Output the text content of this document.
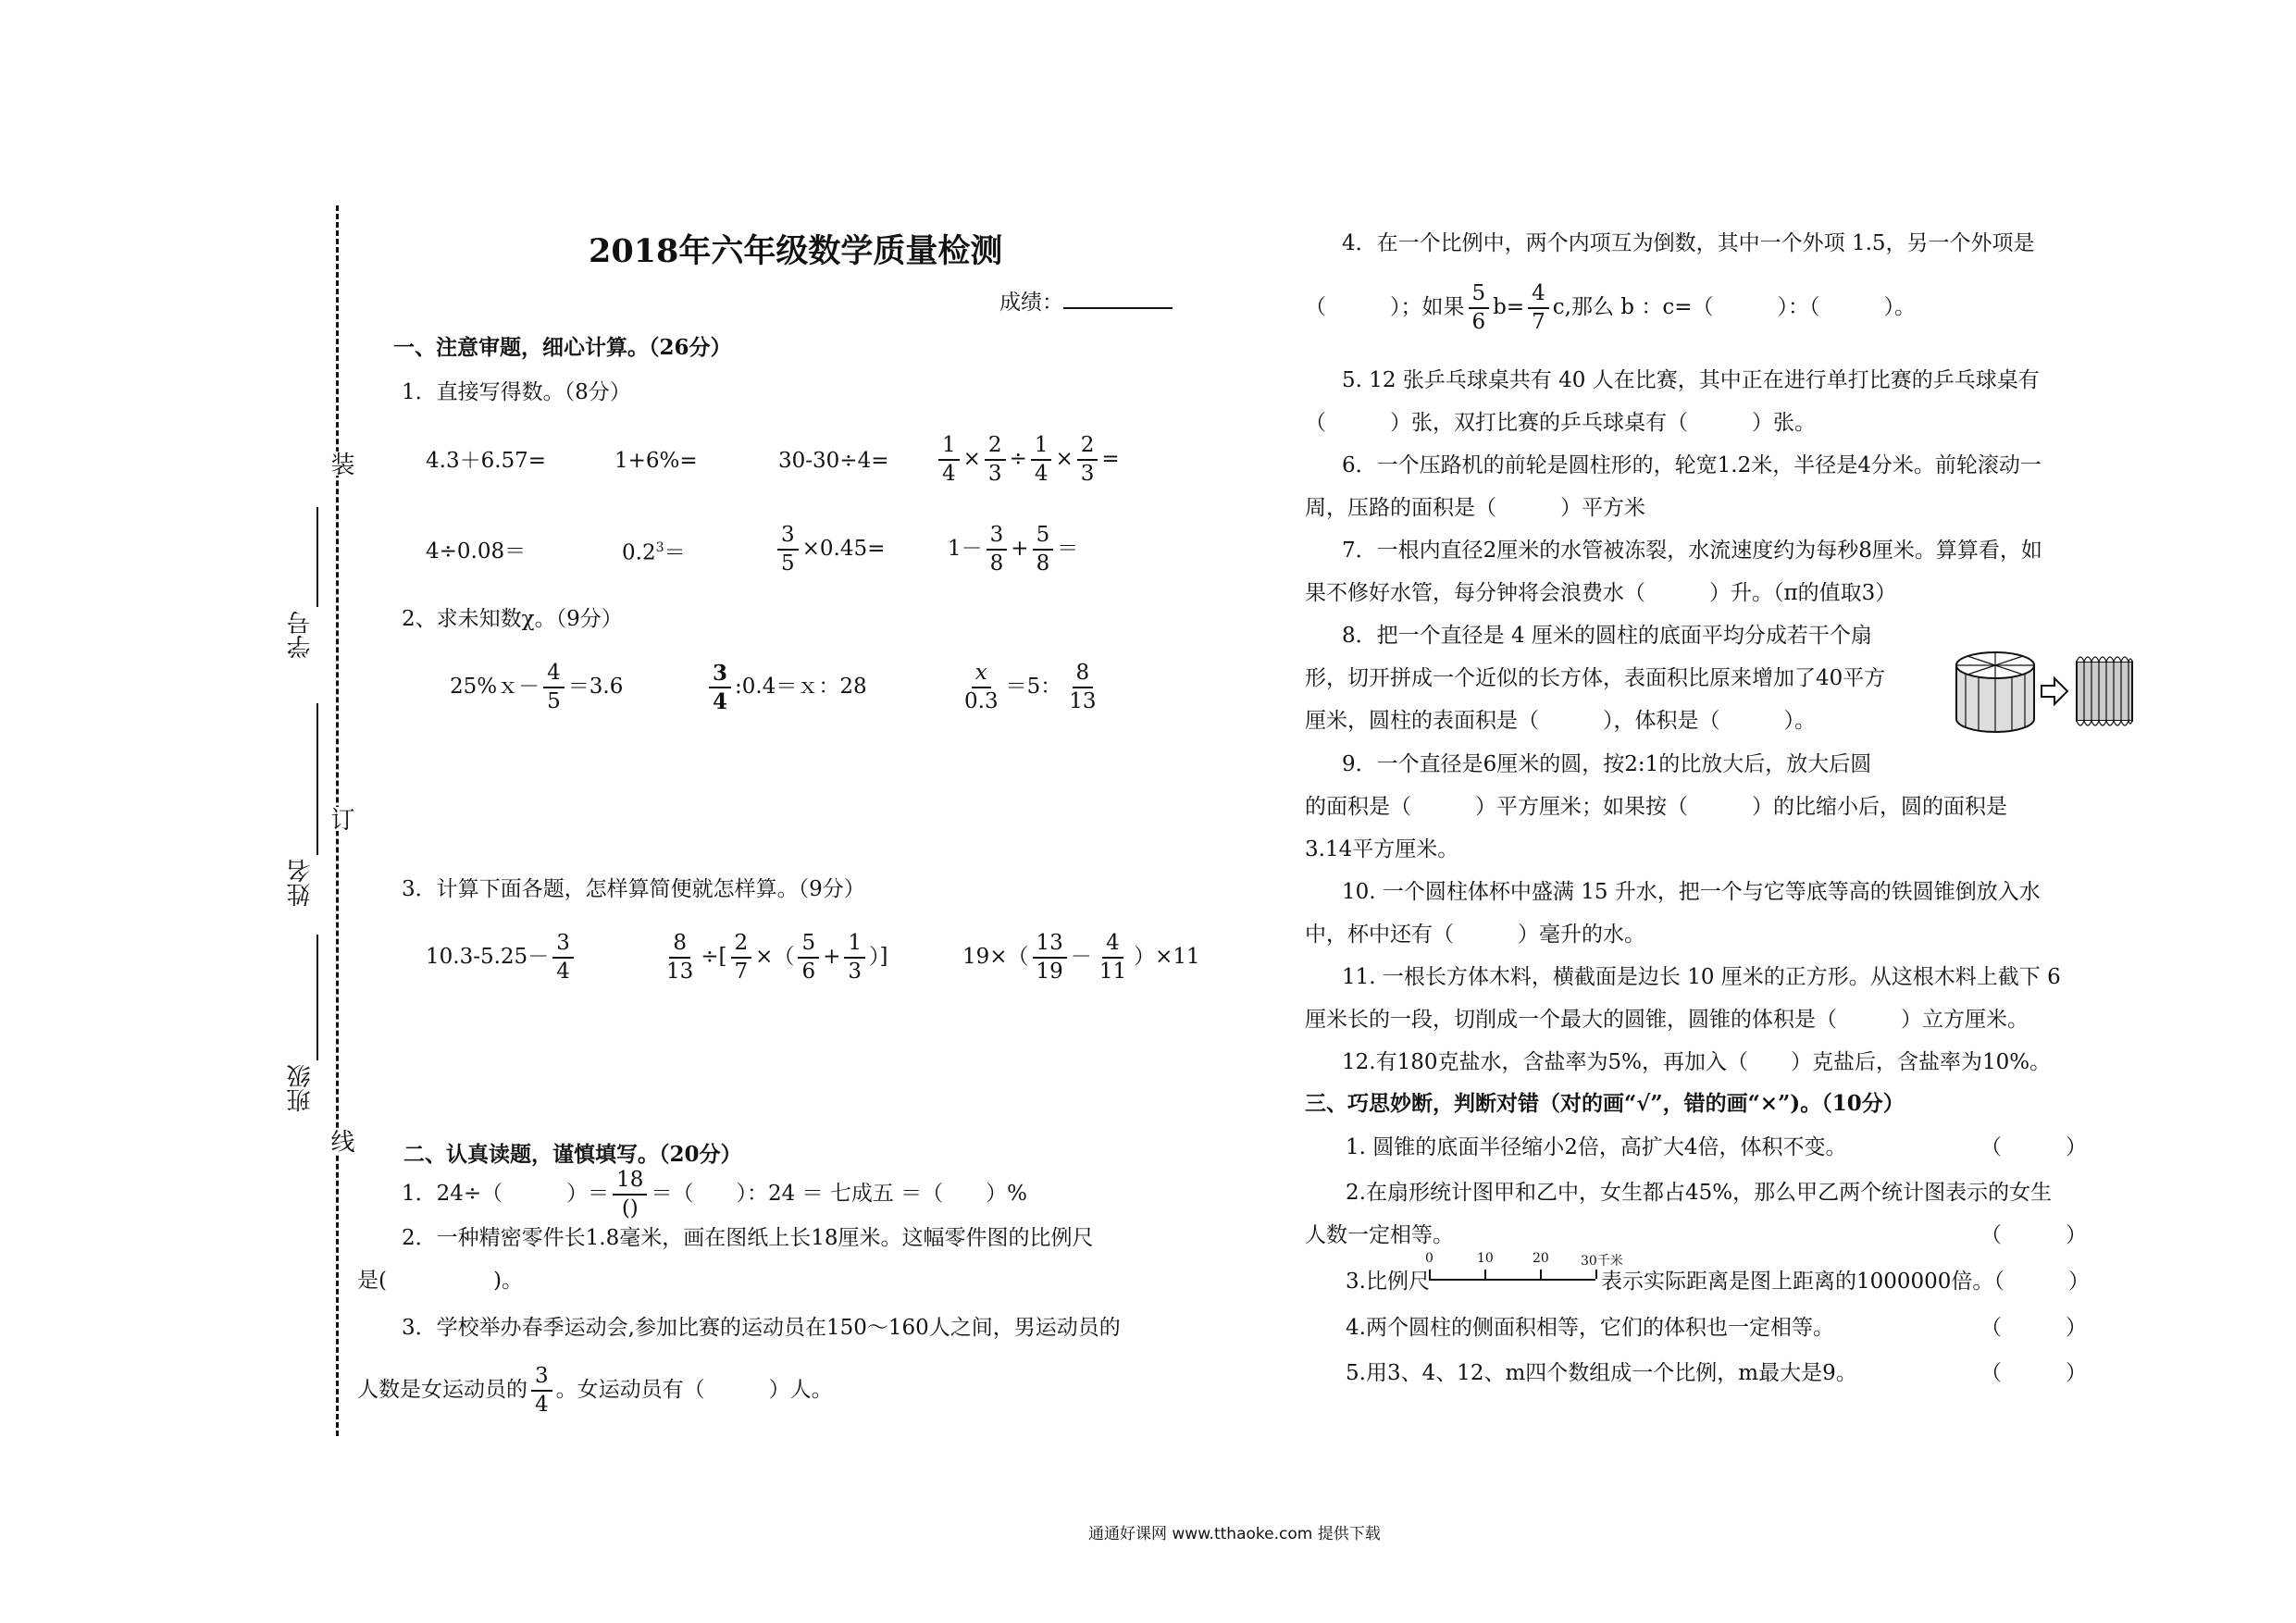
装
订
线
学号
姓名
班级
2018年六年级数学质量检测
成绩：
一、注意审题，细心计算。（26分）
1．直接写得数。（8分）
4.3＋6.57=	1+6%=	$30-30\div 4= \frac{1}{4} \times \frac{2}{3} \div \frac{1}{4} \times \frac{2}{3}$ =
4÷0.08＝	$0.2^3=$	$\frac{3}{5} \times 0.45=$	$1- \frac{3}{8} + \frac{5}{8}$ ＝
2、求未知数χ。（9分）
25%ｘ－ $\frac{4}{5} =3.6$	$\frac{3}{4}$ :0.4＝ｘ：28	$\frac{x}{0.3} =5$： $\frac{8}{13}$
3．计算下面各题，怎样算简便就怎样算。（9分）
$10.3-5.25- \frac{3}{4}$	$\frac{8}{13}$ ÷[ $\frac{2}{7}$ ×（ $\frac{5}{6} + \frac{1}{3}$ ）]	$19\times( \frac{13}{19} - \frac{4}{11} )\times 11$
二、认真读题，谨慎填写。（20分）
1．24÷（　　　）＝ $\frac{18}{()}$ ＝（　　）：24 ＝ 七成五 ＝（　　）%
2．一种精密零件长1.8毫米，画在图纸上长18厘米。这幅零件图的比例尺
是(　　　　　)。
3．学校举办春季运动会,参加比赛的运动员在150～160人之间，男运动员的
人数是女运动员的 $\frac{3}{4}$ 。女运动员有（　　　）人。
4．在一个比例中，两个内项互为倒数，其中一个外项 1.5，另一个外项是
（　　　）；如果 $\frac{5}{6} b= \frac{4}{7} c$,那么 b ：c=（　　　）：（　　　）。
5. 12 张乒乓球桌共有 40 人在比赛，其中正在进行单打比赛的乒乓球桌有
（　　　）张，双打比赛的乒乓球桌有（　　　）张。
6．一个压路机的前轮是圆柱形的，轮宽1.2米，半径是4分米。前轮滚动一
周，压路的面积是（　　　）平方米
7．一根内直径2厘米的水管被冻裂，水流速度约为每秒8厘米。算算看，如
果不修好水管，每分钟将会浪费水（　　　）升。（π的值取3）
8．把一个直径是 4 厘米的圆柱的底面平均分成若干个扇
形，切开拼成一个近似的长方体，表面积比原来增加了40平方
厘米，圆柱的表面积是（　　　），体积是（　　　）。
9．一个直径是6厘米的圆，按2:1的比放大后，放大后圆
的面积是（　　　）平方厘米；如果按（　　　）的比缩小后，圆的面积是
3.14平方厘米。
10. 一个圆柱体杯中盛满 15 升水，把一个与它等底等高的铁圆锥倒放入水
中，杯中还有（　　　）毫升的水。
11. 一根长方体木料，横截面是边长 10 厘米的正方形。从这根木料上截下 6
厘米长的一段，切削成一个最大的圆锥，圆锥的体积是（　　　）立方厘米。
12.有180克盐水，含盐率为5%，再加入（　　）克盐后，含盐率为10%。
三、巧思妙断，判断对错（对的画“√”，错的画“×”)。（10分）
1. 圆锥的底面半径缩小2倍，高扩大4倍，体积不变。	（　　　）
2.在扇形统计图甲和乙中，女生都占45%，那么甲乙两个统计图表示的女生
人数一定相等。	（　　　）
3.比例尺
0	10	20 30千米
表示实际距离是图上距离的1000000倍。（　　　）
4.两个圆柱的侧面积相等，它们的体积也一定相等。	（　　　）
5.用3、4、12、m四个数组成一个比例，m最大是9。	（　　　）
通通好课网 www.tthaoke.com 提供下载
